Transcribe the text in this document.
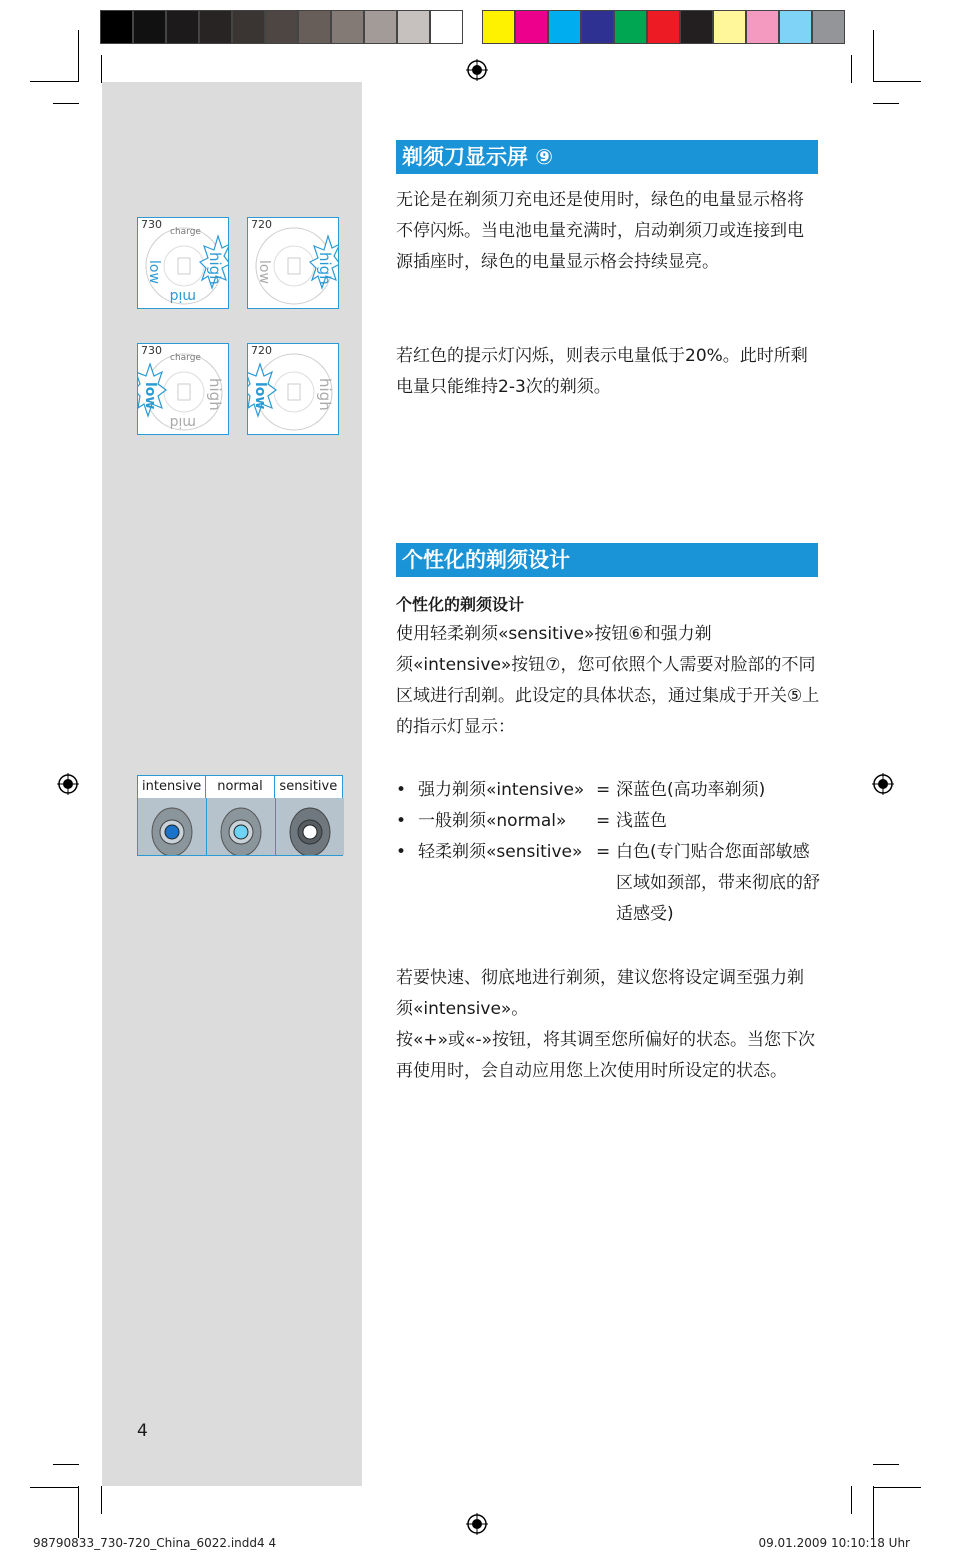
730
low
mid
high
charge
720
low	high
730
low
mid
high
charge
720
low	high
intensive	normal	sensitive
剃须刀显示屏 ⑨
无论是在剃须刀充电还是使用时，绿色的电量显示格将不停闪烁。当电池电量充满时，启动剃须刀或连接到电源插座时，绿色的电量显示格会持续显亮。
若红色的提示灯闪烁，则表示电量低于20%。此时所剩电量只能维持2-3次的剃须。
个性化的剃须设计
个性化的剃须设计
使用轻柔剃须«sensitive»按钮⑥和强力剃须«intensive»按钮⑦，您可依照个人需要对脸部的不同区域进行刮剃。此设定的具体状态，通过集成于开关⑤上的指示灯显示：
• 强力剃须«intensive» = 深蓝色(高功率剃须)
• 一般剃须«normal»	= 浅蓝色
• 轻柔剃须«sensitive» = 白色(专门贴合您面部敏感区域如颈部，带来彻底的舒适感受)
若要快速、彻底地进行剃须，建议您将设定调至强力剃须«intensive»。
按«+»或«-»按钮，将其调至您所偏好的状态。当您下次再使用时，会自动应用您上次使用时所设定的状态。
4
98790833_730-720_China_6022.indd4 4	09.01.2009 10:10:18 Uhr
